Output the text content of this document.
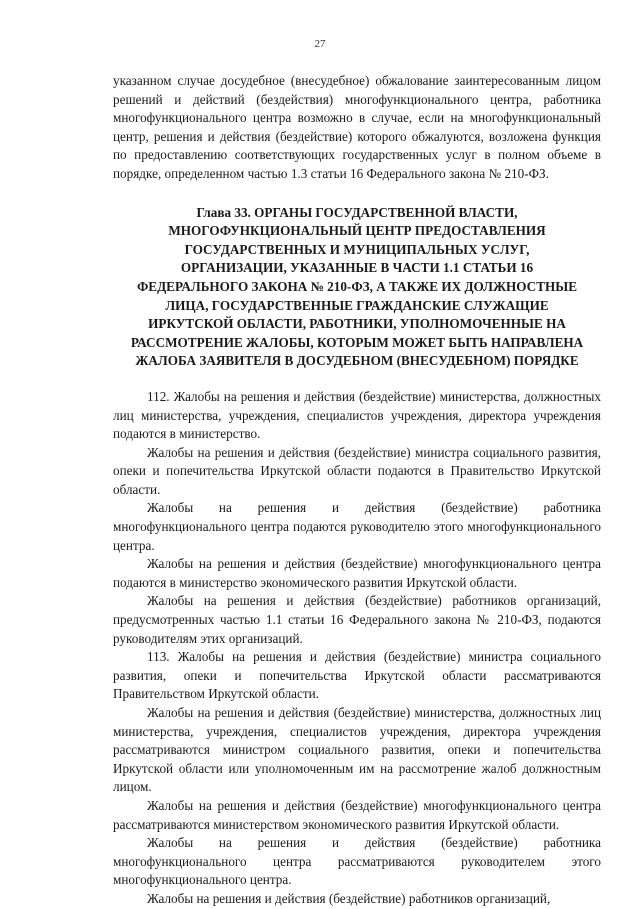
27

указанном случае досудебное (внесудебное) обжалование заинтересованным лицом решений и действий (бездействия) многофункционального центра, работника многофункционального центра возможно в случае, если на многофункциональный центр, решения и действия (бездействие) которого обжалуются, возложена функция по предоставлению соответствующих государственных услуг в полном объеме в порядке, определенном частью 1.3 статьи 16 Федерального закона № 210-ФЗ.

Глава 33. ОРГАНЫ ГОСУДАРСТВЕННОЙ ВЛАСТИ,
МНОГОФУНКЦИОНАЛЬНЫЙ ЦЕНТР ПРЕДОСТАВЛЕНИЯ
ГОСУДАРСТВЕННЫХ И МУНИЦИПАЛЬНЫХ УСЛУГ,
ОРГАНИЗАЦИИ, УКАЗАННЫЕ В ЧАСТИ 1.1 СТАТЬИ 16
ФЕДЕРАЛЬНОГО ЗАКОНА № 210-ФЗ, А ТАКЖЕ ИХ ДОЛЖНОСТНЫЕ
ЛИЦА, ГОСУДАРСТВЕННЫЕ ГРАЖДАНСКИЕ СЛУЖАЩИЕ
ИРКУТСКОЙ ОБЛАСТИ, РАБОТНИКИ, УПОЛНОМОЧЕННЫЕ НА
РАССМОТРЕНИЕ ЖАЛОБЫ, КОТОРЫМ МОЖЕТ БЫТЬ НАПРАВЛЕНА
ЖАЛОБА ЗАЯВИТЕЛЯ В ДОСУДЕБНОМ (ВНЕСУДЕБНОМ) ПОРЯДКЕ

112. Жалобы на решения и действия (бездействие) министерства, должностных лиц министерства, учреждения, специалистов учреждения, директора учреждения подаются в министерство.

Жалобы на решения и действия (бездействие) министра социального развития, опеки и попечительства Иркутской области подаются в Правительство Иркутской области.

Жалобы на решения и действия (бездействие) работника многофункционального центра подаются руководителю этого многофункционального центра.

Жалобы на решения и действия (бездействие) многофункционального центра подаются в министерство экономического развития Иркутской области.

Жалобы на решения и действия (бездействие) работников организаций, предусмотренных частью 1.1 статьи 16 Федерального закона № 210-ФЗ, подаются руководителям этих организаций.

113. Жалобы на решения и действия (бездействие) министра социального развития, опеки и попечительства Иркутской области рассматриваются Правительством Иркутской области.

Жалобы на решения и действия (бездействие) министерства, должностных лиц министерства, учреждения, специалистов учреждения, директора учреждения рассматриваются министром социального развития, опеки и попечительства Иркутской области или уполномоченным им на рассмотрение жалоб должностным лицом.

Жалобы на решения и действия (бездействие) многофункционального центра рассматриваются министерством экономического развития Иркутской области.

Жалобы на решения и действия (бездействие) работника многофункционального центра рассматриваются руководителем этого многофункционального центра.

Жалобы на решения и действия (бездействие) работников организаций,
